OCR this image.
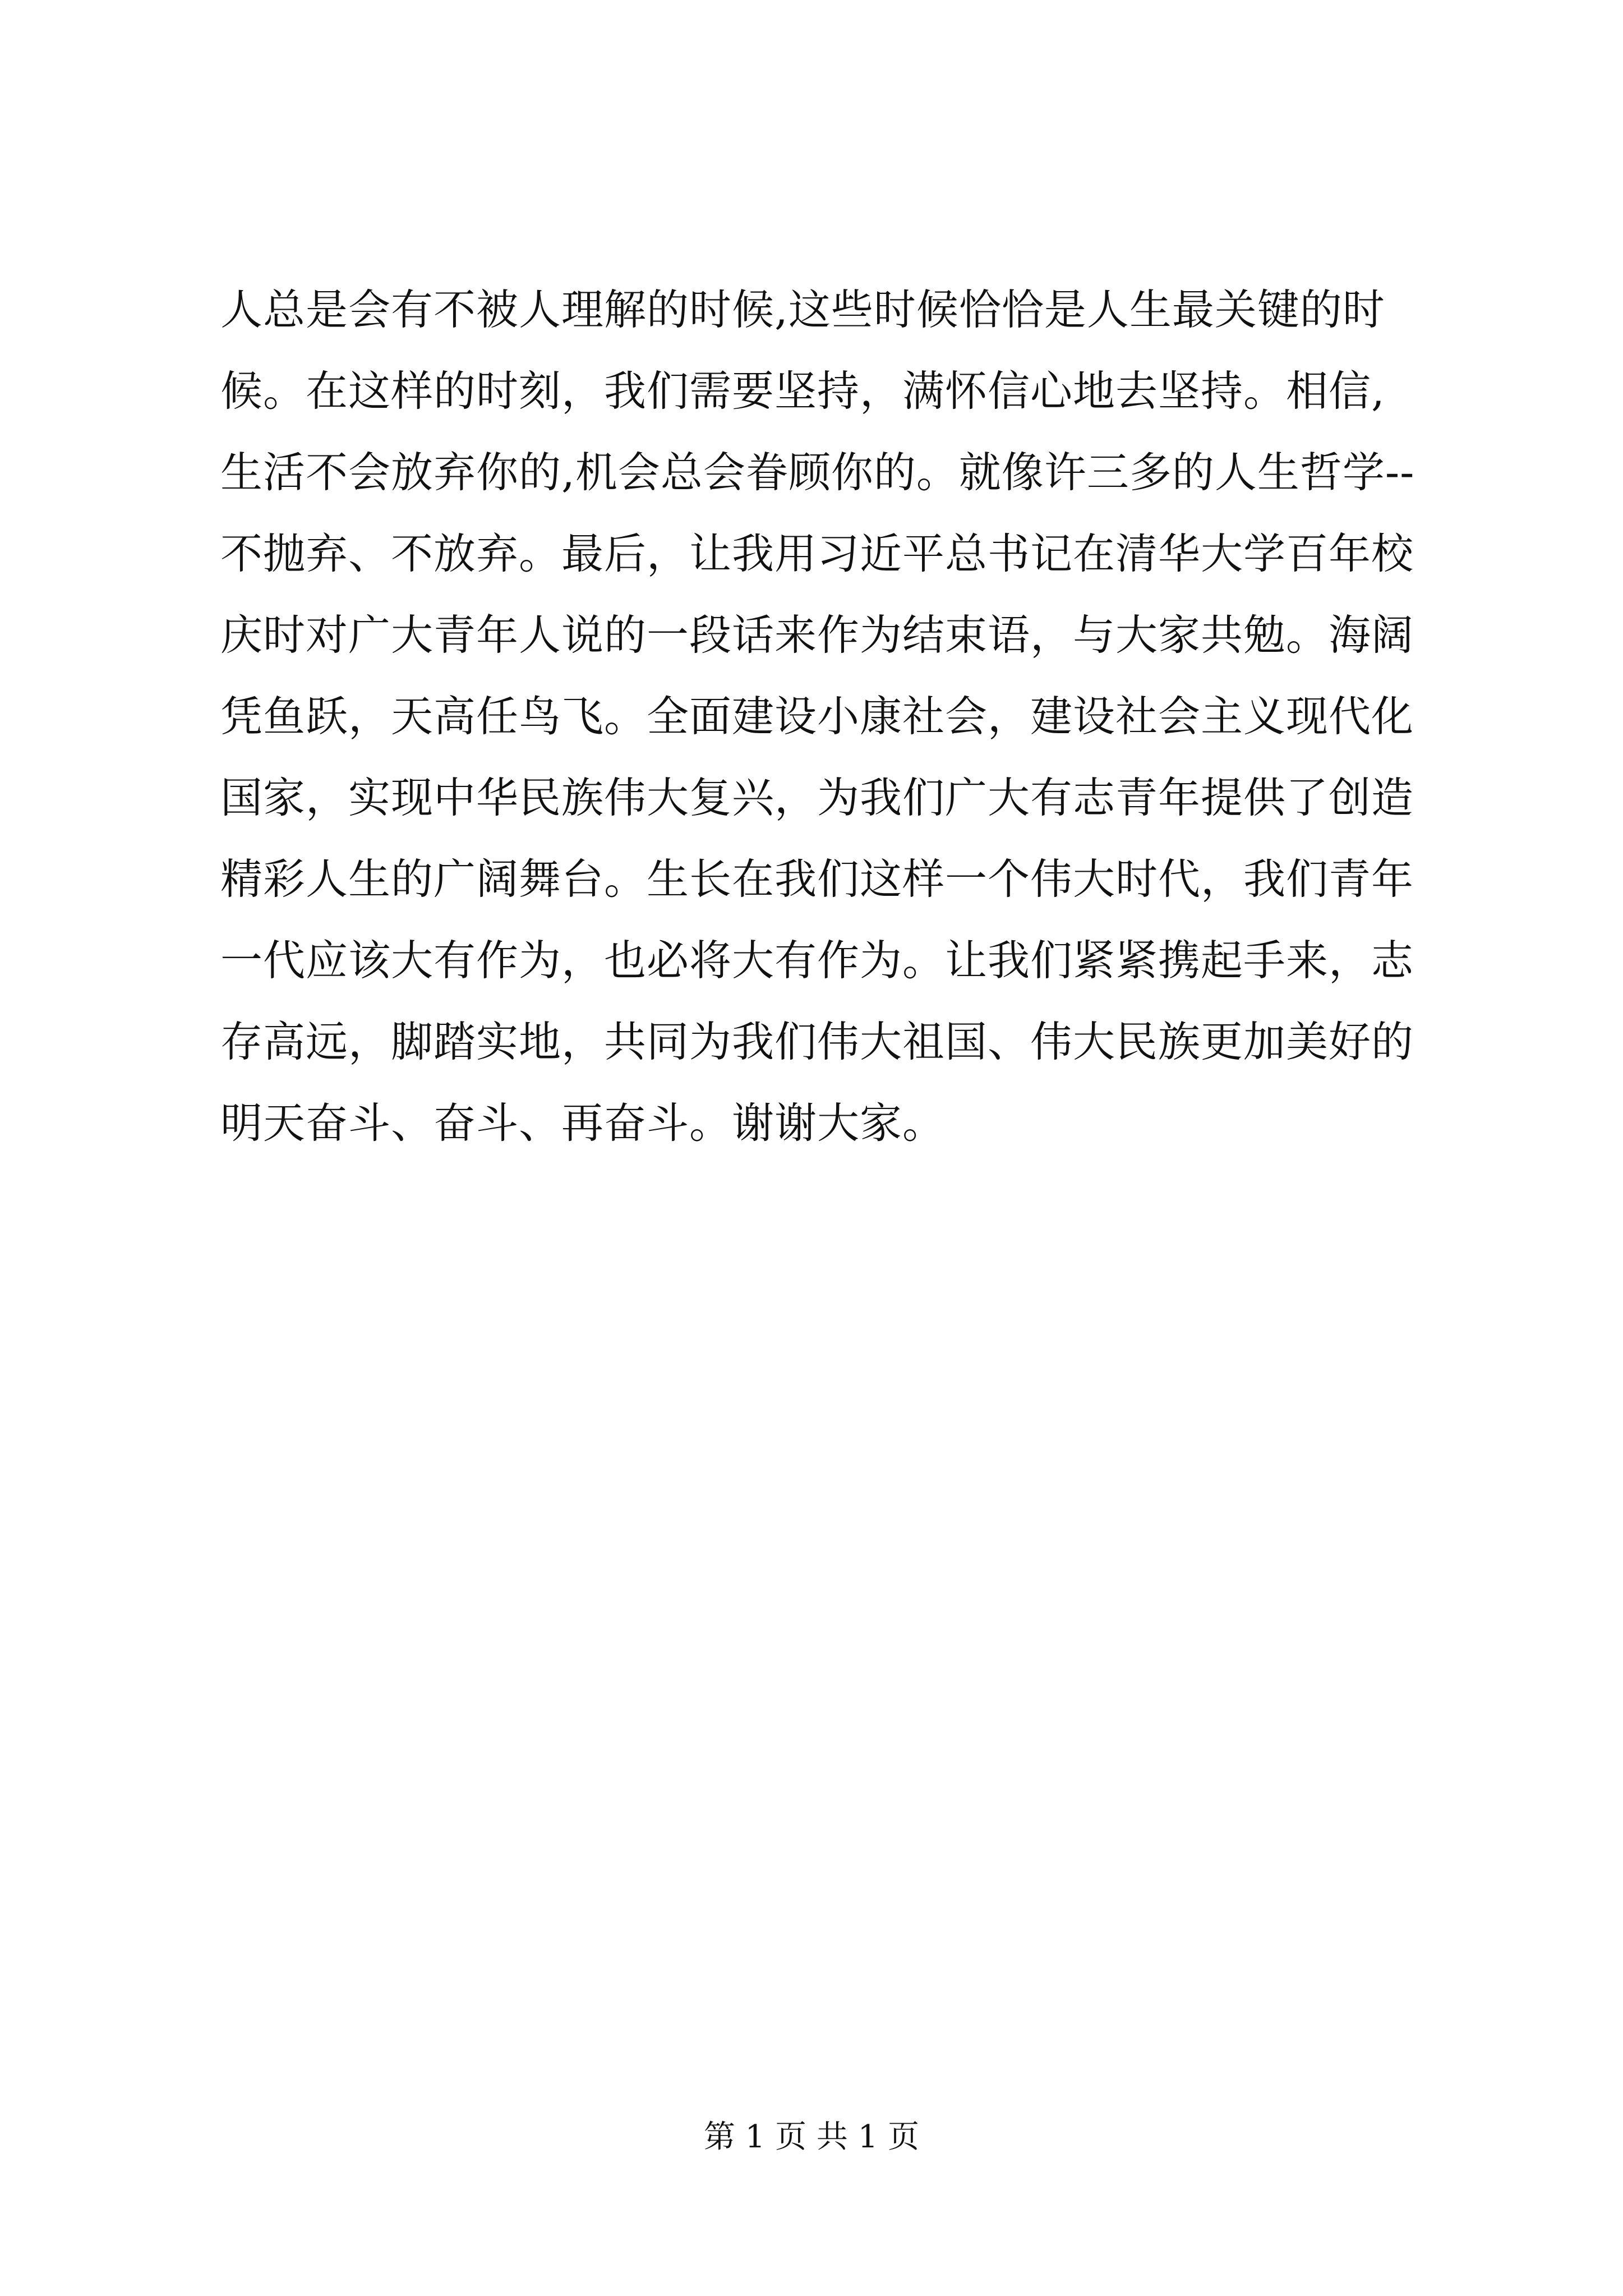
人总是会有不被人理解的时候,这些时候恰恰是人生最关键的时
候。在这样的时刻，我们需要坚持，满怀信心地去坚持。相信,
生活不会放弃你的,机会总会眷顾你的。就像许三多的人生哲学--
不抛弃、不放弃。最后，让我用习近平总书记在清华大学百年校
庆时对广大青年人说的一段话来作为结束语，与大家共勉。海阔
凭鱼跃，天高任鸟飞。全面建设小康社会，建设社会主义现代化
国家，实现中华民族伟大复兴，为我们广大有志青年提供了创造
精彩人生的广阔舞台。生长在我们这样一个伟大时代，我们青年
一代应该大有作为，也必将大有作为。让我们紧紧携起手来，志
存高远，脚踏实地，共同为我们伟大祖国、伟大民族更加美好的
明天奋斗、奋斗、再奋斗。谢谢大家。
第 1 页 共 1 页
